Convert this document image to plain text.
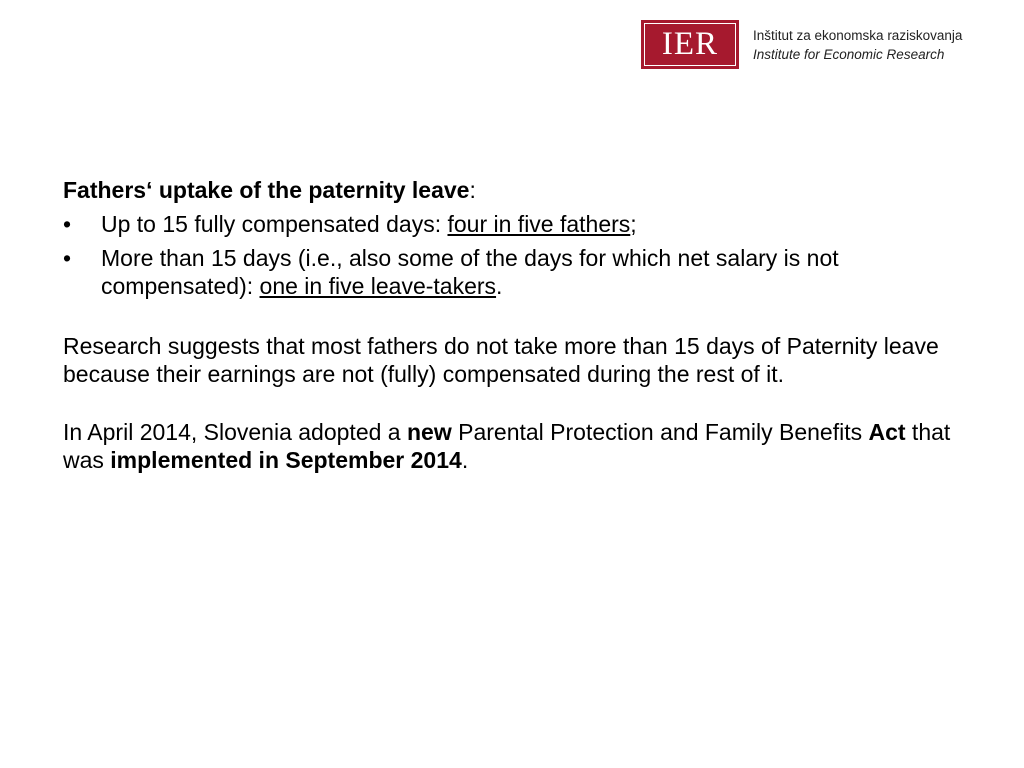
IER	Inštitut za ekonomska raziskovanja
Institute for Economic Research

Fathers‘ uptake of the paternity leave:

• Up to 15 fully compensated days: four in five fathers;
• More than 15 days (i.e., also some of the days for which net salary is not compensated): one in five leave-takers.

Research suggests that most fathers do not take more than 15 days of Paternity leave because their earnings are not (fully) compensated during the rest of it.

In April 2014, Slovenia adopted a new Parental Protection and Family Benefits Act that was implemented in September 2014.
